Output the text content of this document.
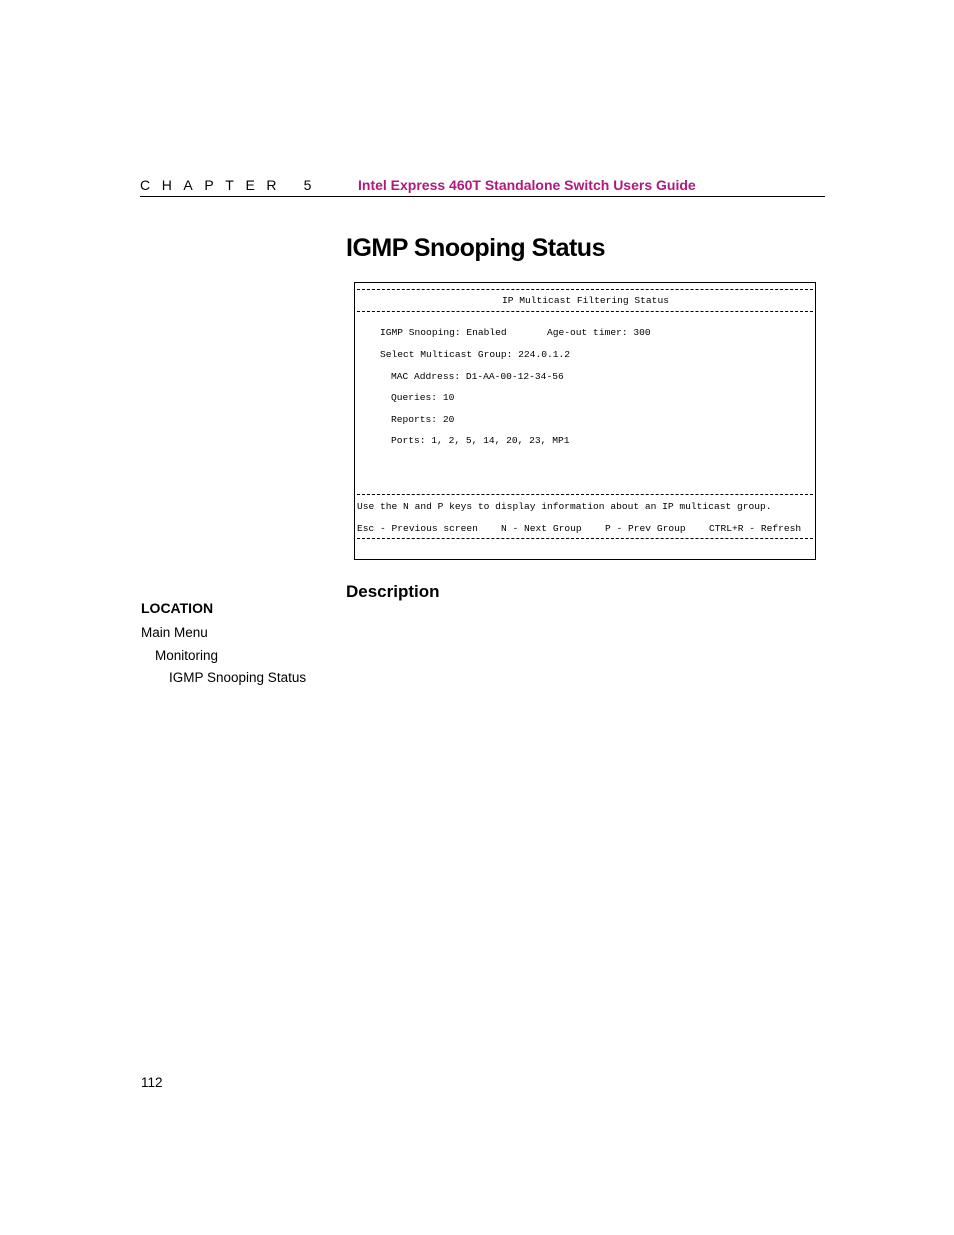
CHAPTER 5	Intel Express 460T Standalone Switch Users Guide
IGMP Snooping Status
IP Multicast Filtering Status
IGMP Snooping: Enabled	Age-out timer: 300
Select Multicast Group: 224.0.1.2
MAC Address: D1-AA-00-12-34-56
Queries: 10
Reports: 20
Ports: 1, 2, 5, 14, 20, 23, MP1
Use the N and P keys to display information about an IP multicast group.
Esc - Previous screen N - Next Group P - Prev Group CTRL+R - Refresh
Description
LOCATION
Main Menu
Monitoring
IGMP Snooping Status
112
